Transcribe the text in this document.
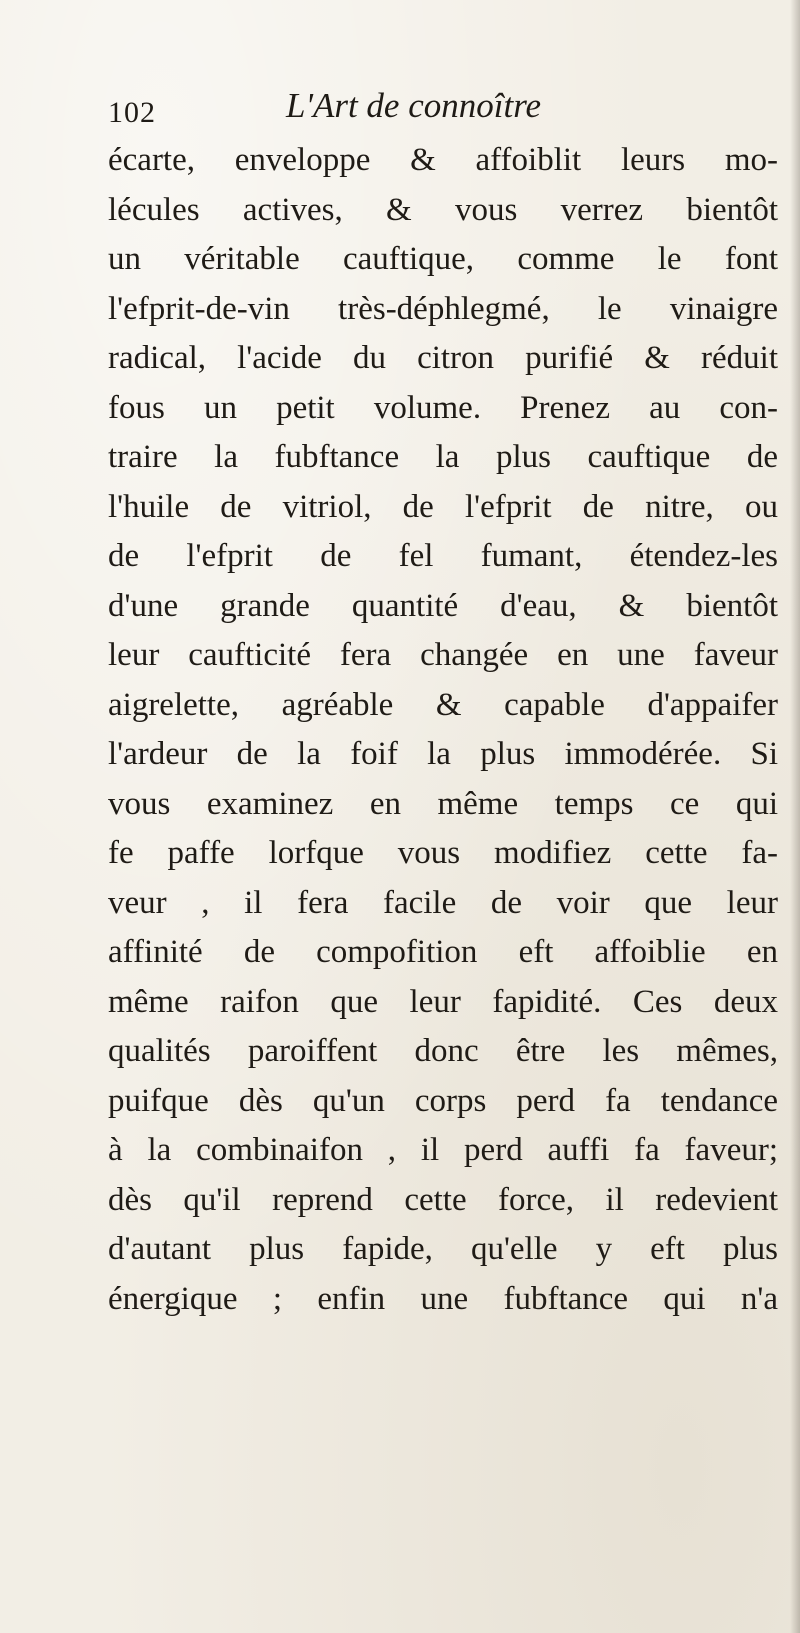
102	L'Art de connoître
écarte, enveloppe & affoiblit leurs mo-
lécules actives, & vous verrez bientôt
un véritable cauftique, comme le font
l'efprit-de-vin très-déphlegmé, le vinaigre
radical, l'acide du citron purifié & réduit
fous un petit volume. Prenez au con-
traire la fubftance la plus cauftique de
l'huile de vitriol, de l'efprit de nitre, ou
de l'efprit de fel fumant, étendez-les
d'une grande quantité d'eau, & bientôt
leur caufticité fera changée en une faveur
aigrelette, agréable & capable d'appaifer
l'ardeur de la foif la plus immodérée. Si
vous examinez en même temps ce qui
fe paffe lorfque vous modifiez cette fa-
veur , il fera facile de voir que leur
affinité de compofition eft affoiblie en
même raifon que leur fapidité. Ces deux
qualités paroiffent donc être les mêmes,
puifque dès qu'un corps perd fa tendance
à la combinaifon , il perd auffi fa faveur;
dès qu'il reprend cette force, il redevient
d'autant plus fapide, qu'elle y eft plus
énergique ; enfin une fubftance qui n'a
